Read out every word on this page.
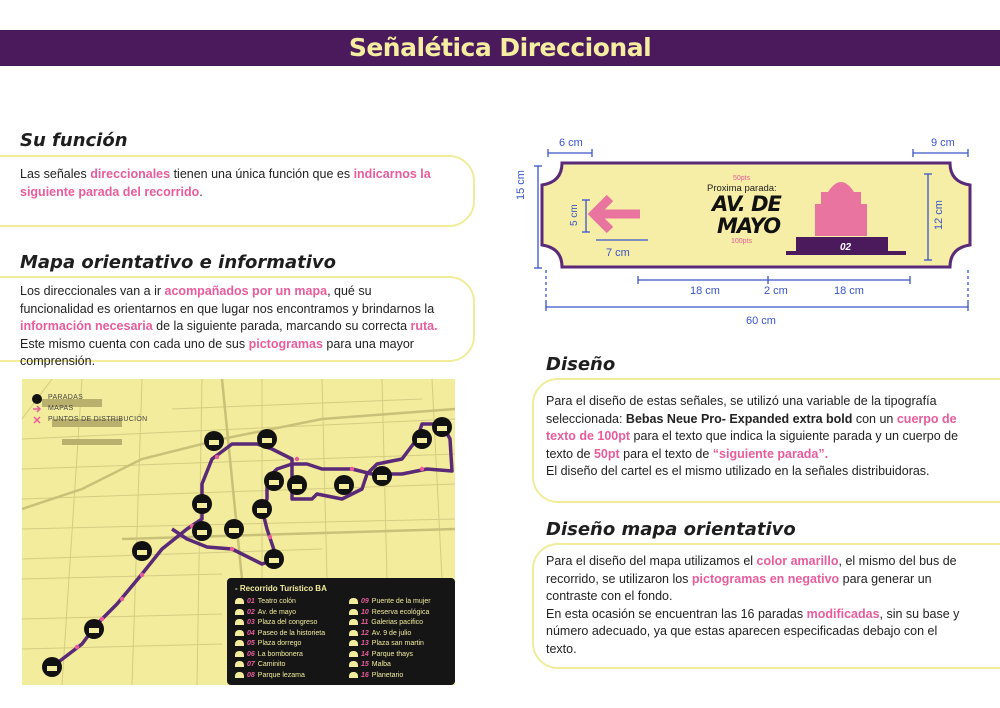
Señalética Direccional
Su función
Las señales direccionales tienen una única función que es indicarnos la siguiente parada del recorrido.
Mapa orientativo e informativo
Los direccionales van a ir acompañados por un mapa, qué su funcionalidad es orientarnos en que lugar nos encontramos y brindarnos la información necesaria de la siguiente parada, marcando su correcta ruta. Este mismo cuenta con cada uno de sus pictogramas para una mayor comprensión.
PARADAS
MAPAS
PUNTOS DE DISTRIBUCIÓN
- Recorrido Turístico BA
01 Teatro colón
02 Av. de mayo
03 Plaza del congreso
04 Paseo de la historieta
05 Plaza dorrego
06 La bombonera
07 Caminito
08 Parque lezama
09 Puente de la mujer
10 Reserva ecológica
11 Galerias pacifico
12 Av. 9 de julio
13 Plaza san martin
14 Parque thays
15 Malba
16 Planetario
6 cm	9 cm
15 cm
5 cm	12 cm
7 cm
18 cm	2 cm	18 cm
60 cm
50pts
Proxima parada:
AV. DE
MAYO
100pts
02
Diseño
Para el diseño de estas señales, se utilizó una variable de la tipografía seleccionada: Bebas Neue Pro- Expanded extra bold con un cuerpo de texto de 100pt para el texto que indica la siguiente parada y un cuerpo de texto de 50pt para el texto de “siguiente parada”.
El diseño del cartel es el mismo utilizado en la señales distribuidoras.
Diseño mapa orientativo
Para el diseño del mapa utilizamos el color amarillo, el mismo del bus de recorrido, se utilizaron los pictogramas en negativo para generar un contraste con el fondo.
En esta ocasión se encuentran las 16 paradas modificadas, sin su base y número adecuado, ya que estas aparecen especificadas debajo con el texto.
